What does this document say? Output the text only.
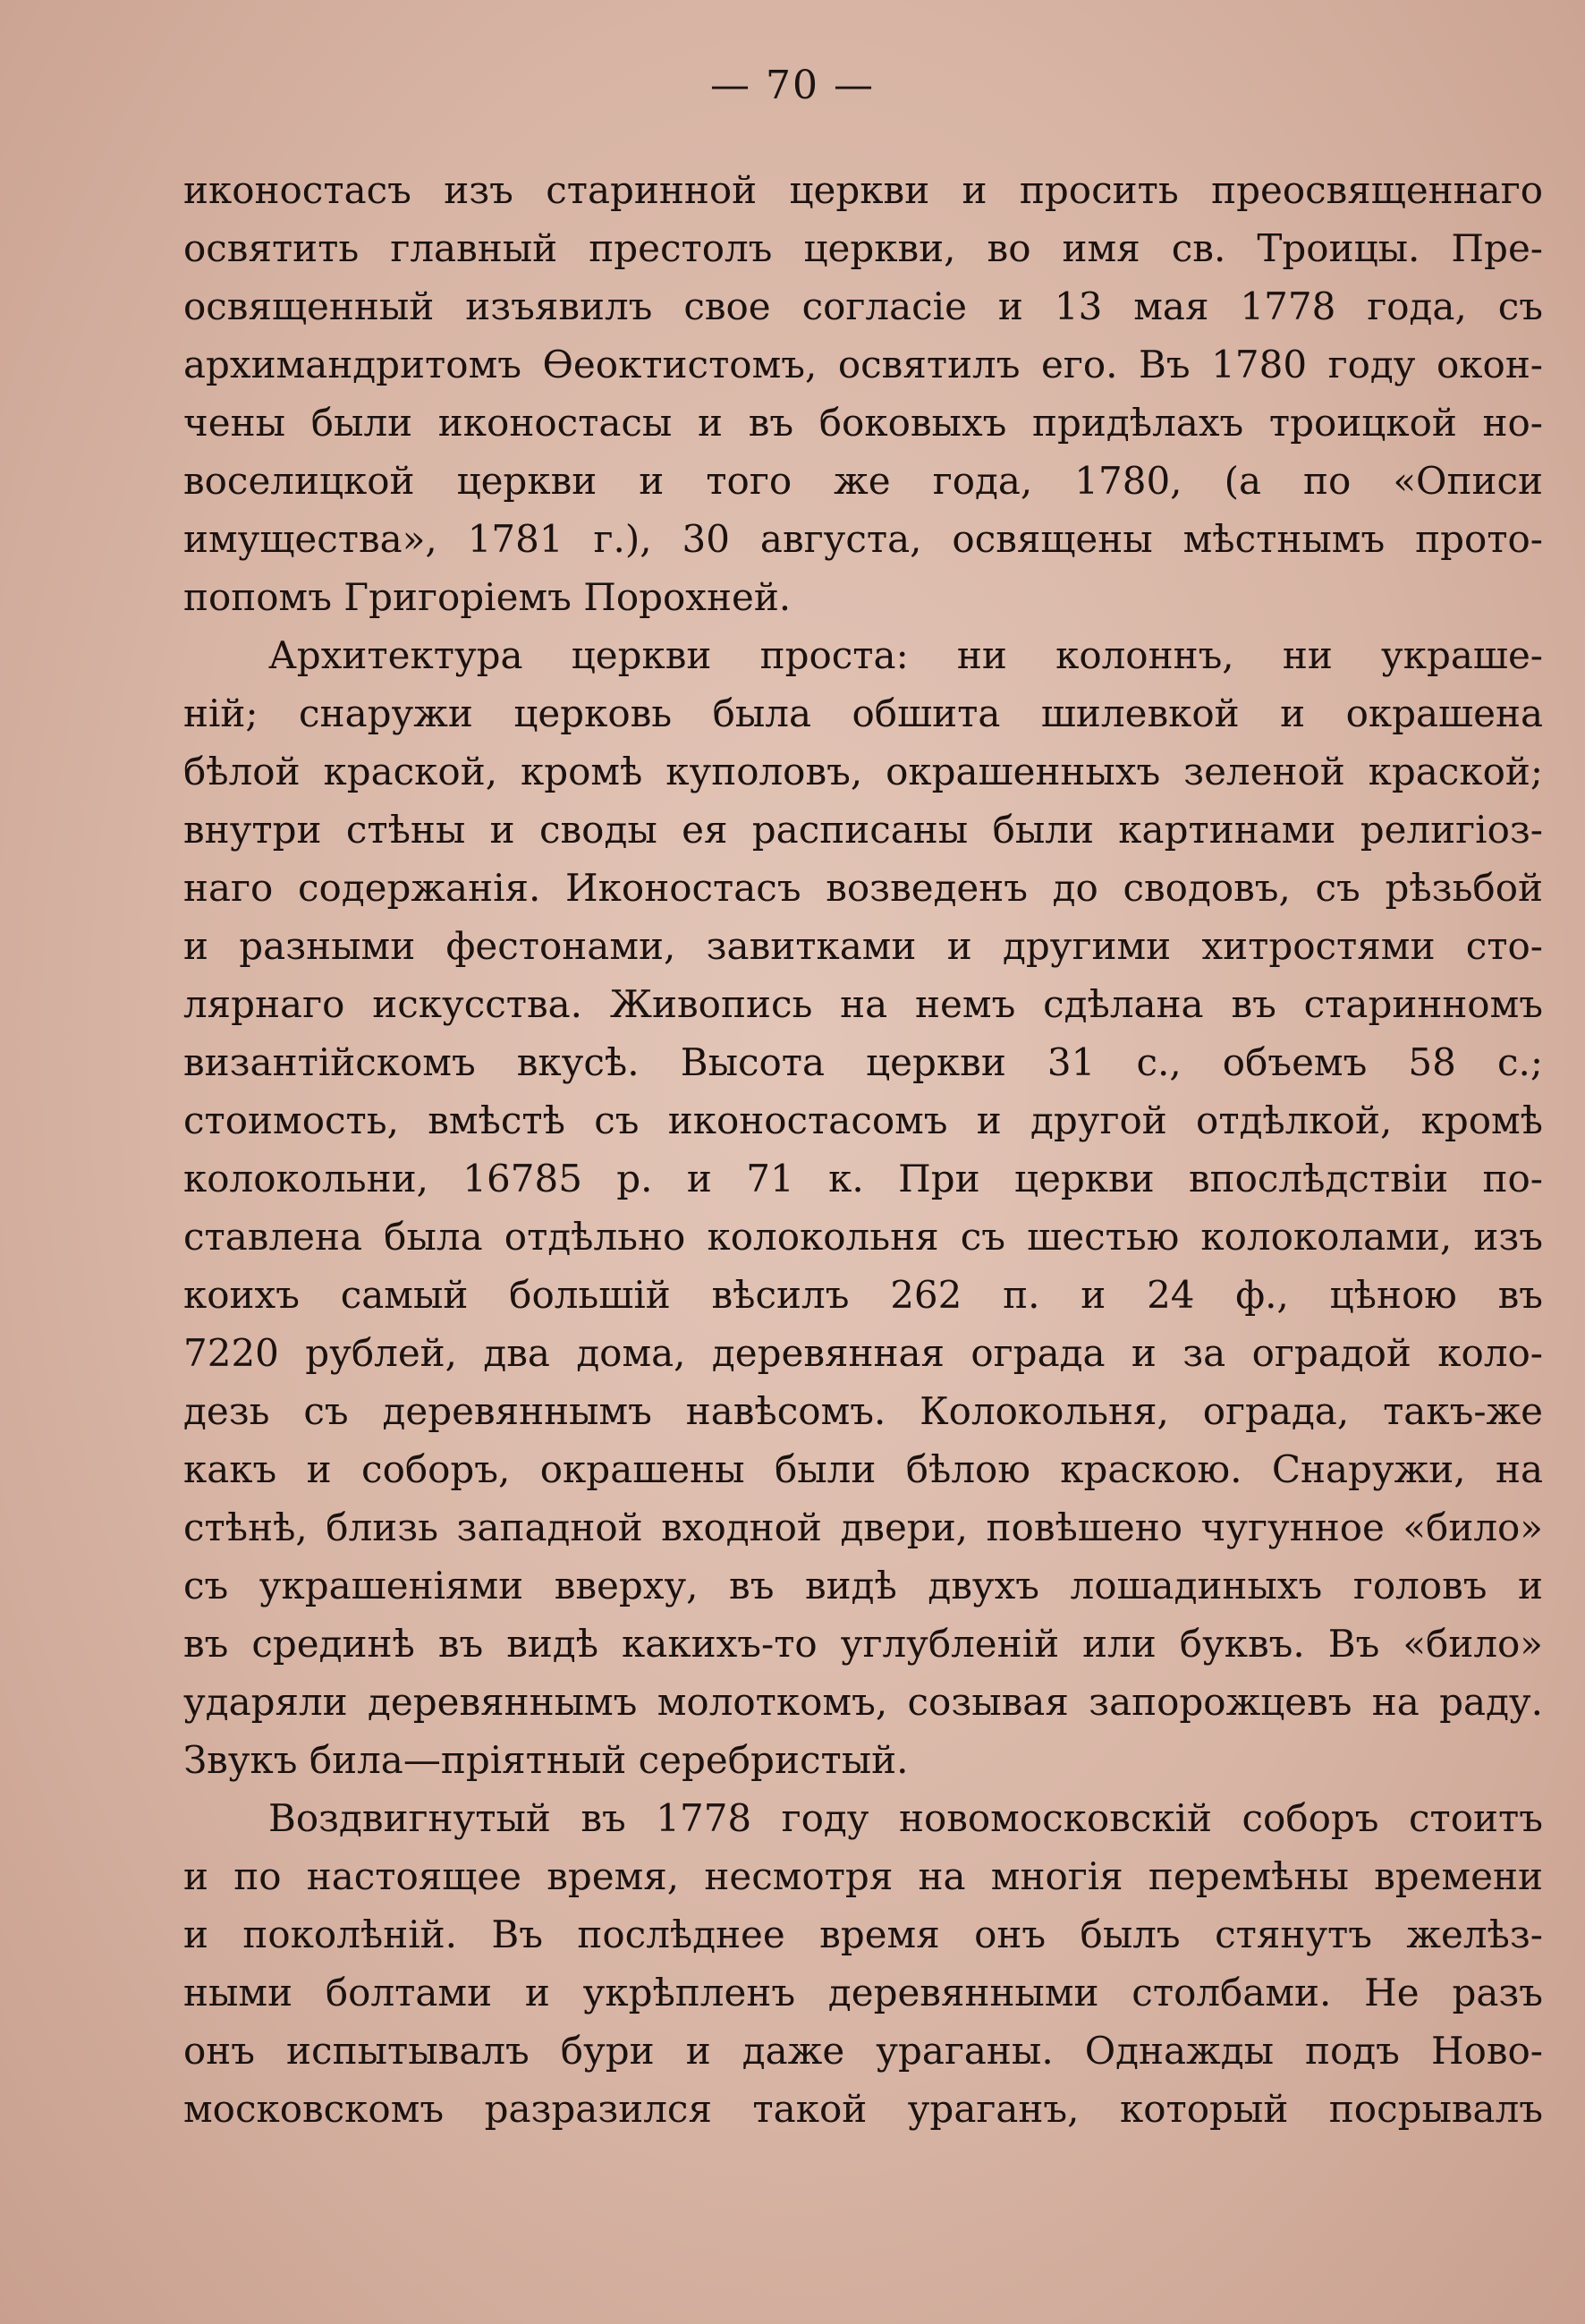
— 70 —
иконостасъ изъ старинной церкви и просить преосвященнаго
освятить главный престолъ церкви, во имя св. Троицы. Пре-
освященный изъявилъ свое согласіе и 13 мая 1778 года, съ
архимандритомъ Ѳеоктистомъ, освятилъ его. Въ 1780 году окон-
чены были иконостасы и въ боковыхъ придѣлахъ троицкой но-
воселицкой церкви и того же года, 1780, (а по «Описи
имущества», 1781 г.), 30 августа, освящены мѣстнымъ прото-
попомъ Григоріемъ Порохней.
Архитектура церкви проста: ни колоннъ, ни украше-
ній; снаружи церковь была обшита шилевкой и окрашена
бѣлой краской, кромѣ куполовъ, окрашенныхъ зеленой краской;
внутри стѣны и своды ея расписаны были картинами религіоз-
наго содержанія. Иконостасъ возведенъ до сводовъ, съ рѣзьбой
и разными фестонами, завитками и другими хитростями сто-
лярнаго искусства. Живопись на немъ сдѣлана въ старинномъ
византійскомъ вкусѣ. Высота церкви 31 с., объемъ 58 с.;
стоимость, вмѣстѣ съ иконостасомъ и другой отдѣлкой, кромѣ
колокольни, 16785 р. и 71 к. При церкви впослѣдствіи по-
ставлена была отдѣльно колокольня съ шестью колоколами, изъ
коихъ самый большій вѣсилъ 262 п. и 24 ф., цѣною въ
7220 рублей, два дома, деревянная ограда и за оградой коло-
дезь съ деревяннымъ навѣсомъ. Колокольня, ограда, такъ-же
какъ и соборъ, окрашены были бѣлою краскою. Снаружи, на
стѣнѣ, близь западной входной двери, повѣшено чугунное «било»
съ украшеніями вверху, въ видѣ двухъ лошадиныхъ головъ и
въ срединѣ въ видѣ какихъ-то углубленій или буквъ. Въ «било»
ударяли деревяннымъ молоткомъ, созывая запорожцевъ на раду.
Звукъ била—пріятный серебристый.
Воздвигнутый въ 1778 году новомосковскій соборъ стоитъ
и по настоящее время, несмотря на многія перемѣны времени
и поколѣній. Въ послѣднее время онъ былъ стянутъ желѣз-
ными болтами и укрѣпленъ деревянными столбами. Не разъ
онъ испытывалъ бури и даже ураганы. Однажды подъ Ново-
московскомъ разразился такой ураганъ, который посрывалъ
